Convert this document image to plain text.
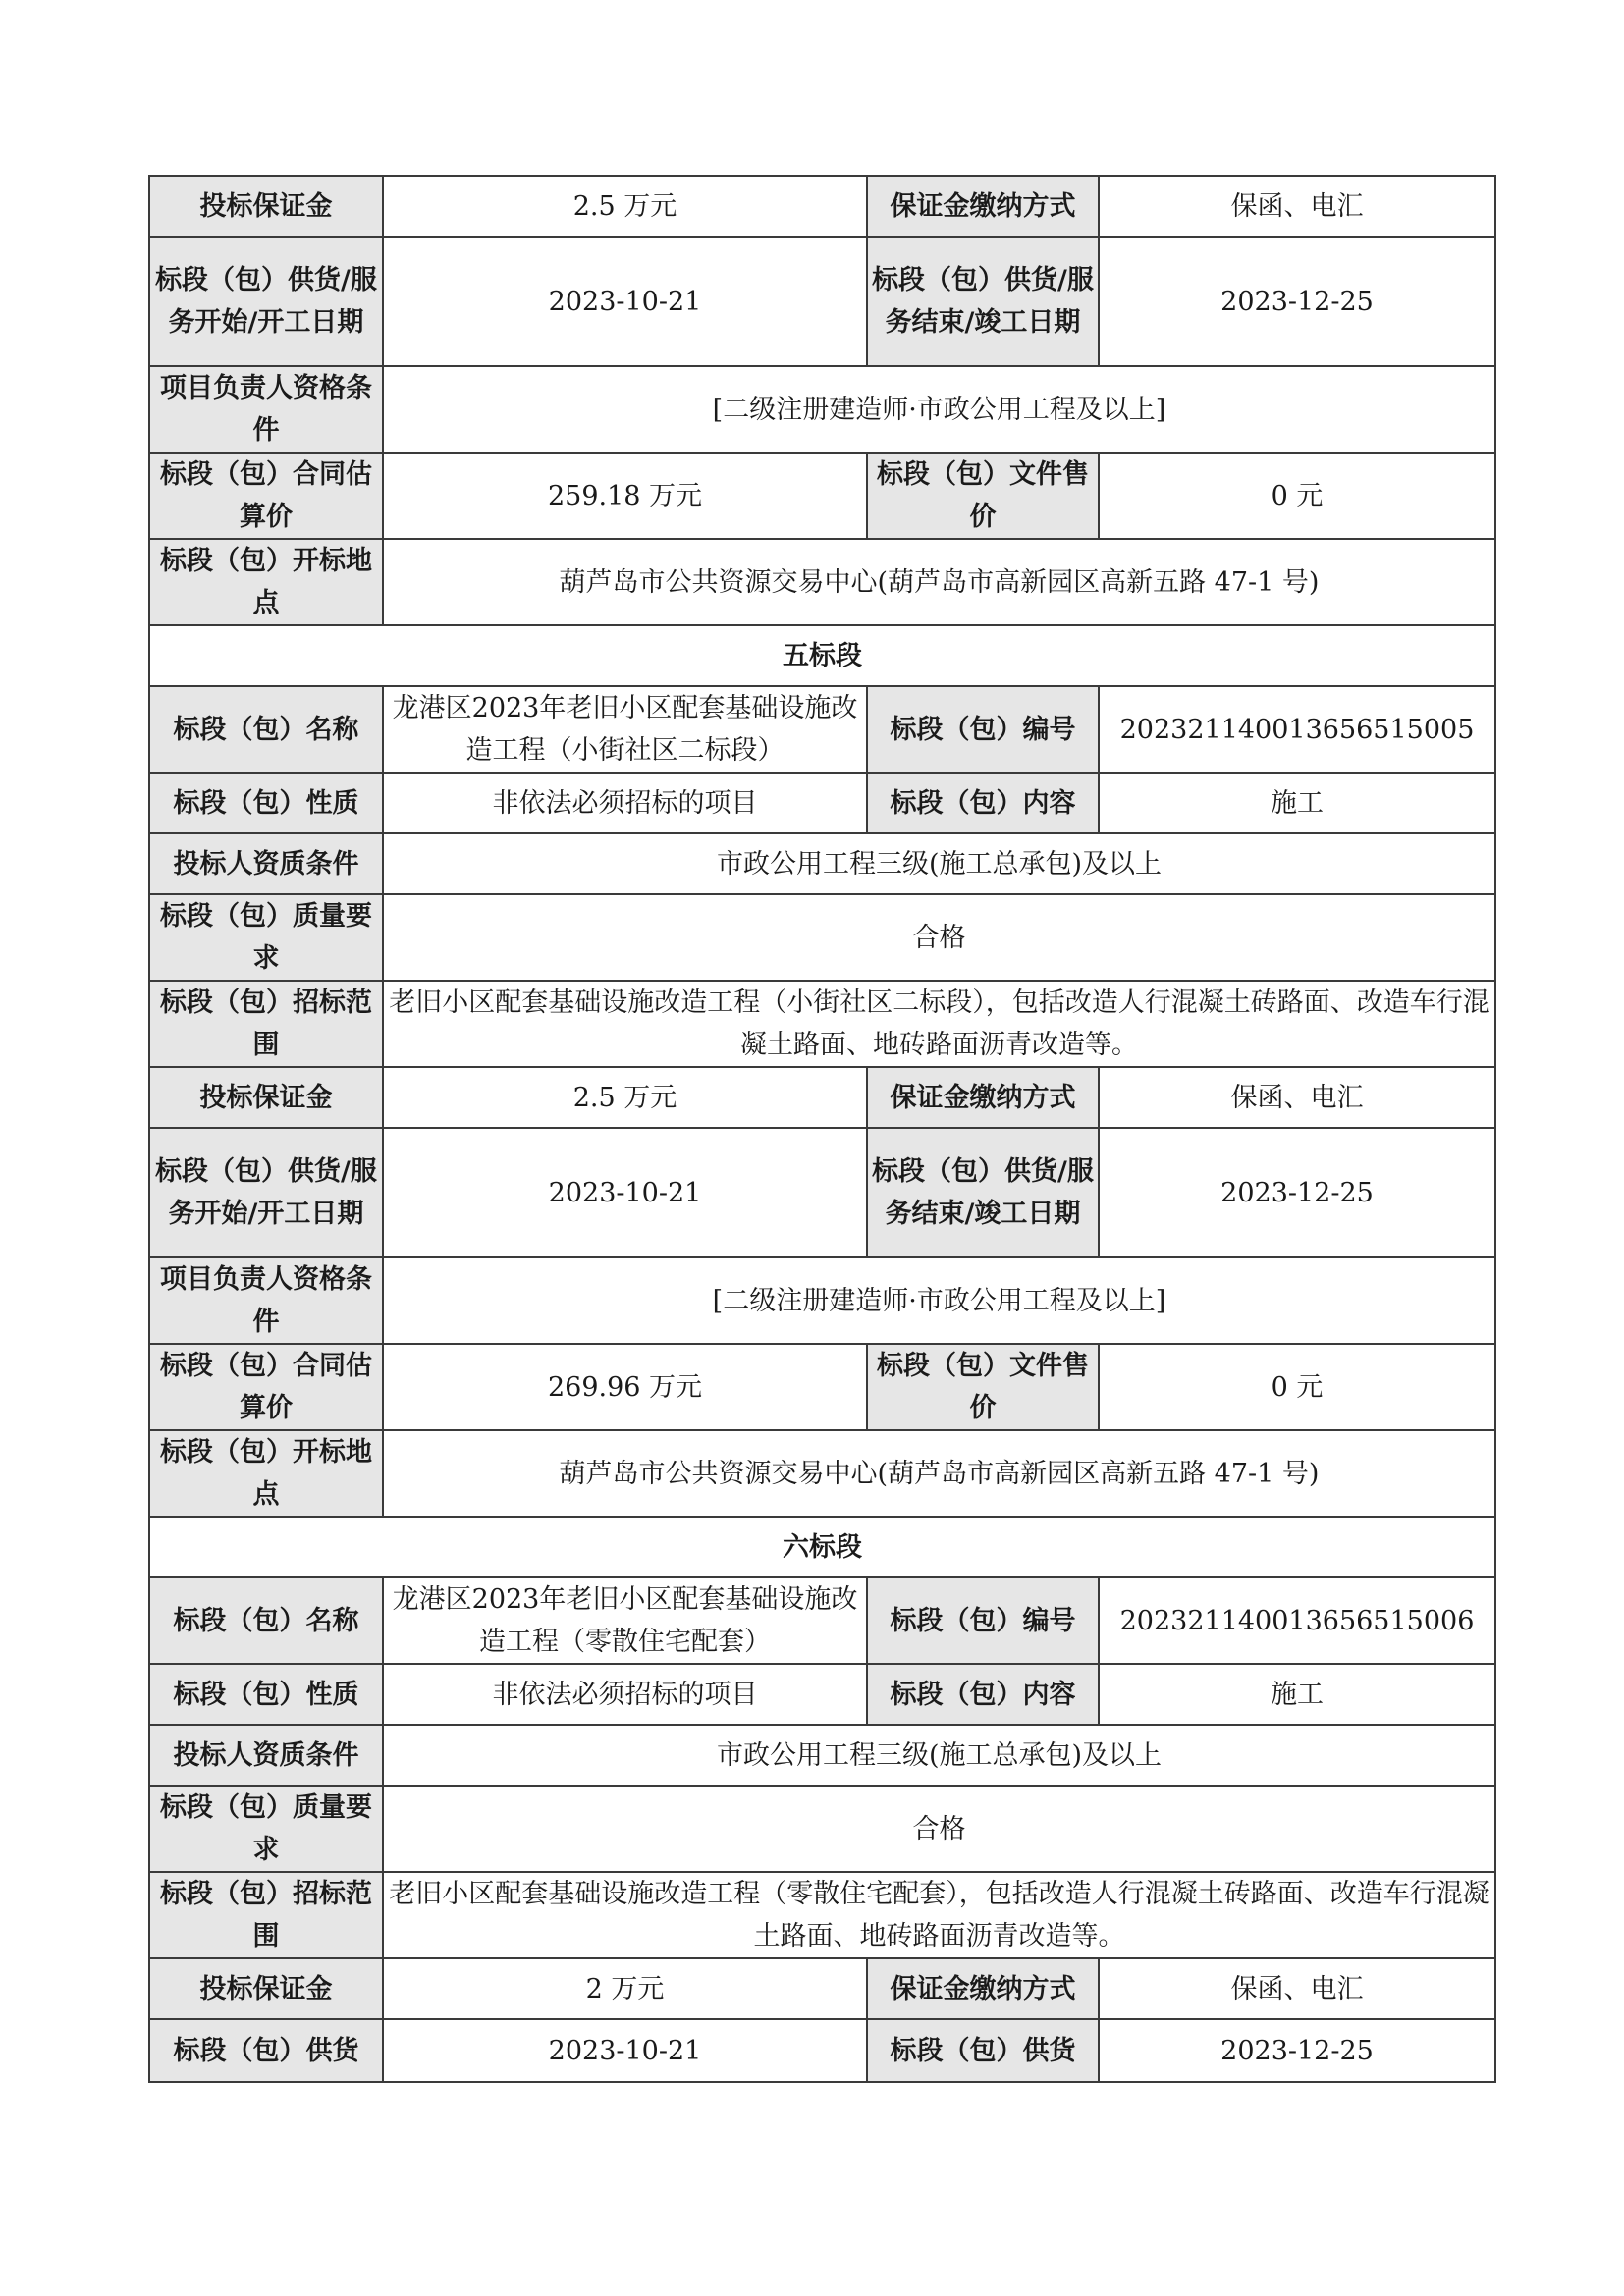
投标保证金	2.5 万元	保证金缴纳方式	保函、电汇
标段（包）供货/服务开始/开工日期	2023-10-21	标段（包）供货/服务结束/竣工日期	2023-12-25
项目负责人资格条件	[二级注册建造师·市政公用工程及以上]		
标段（包）合同估算价	259.18 万元	标段（包）文件售价	0 元
标段（包）开标地点	葫芦岛市公共资源交易中心(葫芦岛市高新园区高新五路 47-1 号)		
五标段			
标段（包）名称	龙港区2023年老旧小区配套基础设施改造工程（小街社区二标段）	标段（包）编号	20232114001365651500​5
标段（包）性质	非依法必须招标的项目	标段（包）内容	施工
投标人资质条件	市政公用工程三级(施工总承包)及以上		
标段（包）质量要求	合格		
标段（包）招标范围	老旧小区配套基础设施改造工程（小街社区二标段），包括改造人行混凝土砖路面、改造车行混凝土路面、地砖路面沥青改造等。		
投标保证金	2.5 万元	保证金缴纳方式	保函、电汇
标段（包）供货/服务开始/开工日期	2023-10-21	标段（包）供货/服务结束/竣工日期	2023-12-25
项目负责人资格条件	[二级注册建造师·市政公用工程及以上]		
标段（包）合同估算价	269.96 万元	标段（包）文件售价	0 元
标段（包）开标地点	葫芦岛市公共资源交易中心(葫芦岛市高新园区高新五路 47-1 号)		
六标段			
标段（包）名称	龙港区2023年老旧小区配套基础设施改造工程（零散住宅配套）	标段（包）编号	202321140013656515006
标段（包）性质	非依法必须招标的项目	标段（包）内容	施工
投标人资质条件	市政公用工程三级(施工总承包)及以上		
标段（包）质量要求	合格		
标段（包）招标范围	老旧小区配套基础设施改造工程（零散住宅配套），包括改造人行混凝土砖路面、改造车行混凝土路面、地砖路面沥青改造等。		
投标保证金	2 万元	保证金缴纳方式	保函、电汇
标段（包）供货	2023-10-21	标段（包）供货	2023-12-25
